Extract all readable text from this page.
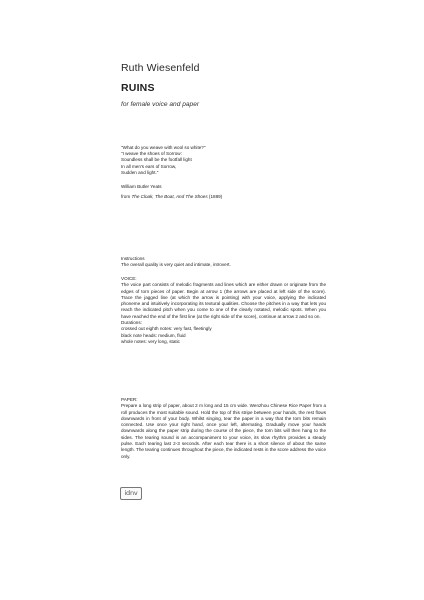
Ruth Wiesenfeld
RUINS
for female voice and paper
"What do you weave with wool so white?"
"I weave the shoes of Sorrow:
Soundless shall be the footfall light
In all men's ears of Sorrow,
Sudden and light."
William Butler Yeats
from The Cloak, The Boat, And The Shoes (1889)
Instructions

The overall quality is very quiet and intimate, introvert.

VOICE:

The voice part consists of melodic fragments and lines which are either drawn or originate from the edges of torn pieces of paper. Begin at arrow 1 (the arrows are placed at left side of the score). Trace the jagged line (at which the arrow is pointing) with your voice, applying the indicated phoneme and intuitively incorporating its textural qualities. Choose the pitches in a way that lets you reach the indicated pitch when you come to one of the clearly notated, melodic spots. When you have reached the end of the first line (at the right side of the score), continue at arrow 2 and so on.

Durations:
crossed out eighth notes: very fast, fleetingly
black note heads: medium, fluid
whole notes: very long, static
PAPER:

Prepare a long strip of paper, about 2 m long and 15 cm wide. Wenzhou Chinese Rice Paper from a roll produces the most suitable sound. Hold the top of this stripe between your hands, the rest flows downwards in front of your body. Whilst singing, tear the paper in a way that the torn bits remain connected. Use once your right hand, once your left, alternating. Gradually move your hands downwards along the paper strip during the course of the piece, the torn bits will then hang to the sides. The tearing sound is an accompaniment to your voice, its slow rhythm provides a steady pulse. Each tearing last 2-3 seconds. After each tear there is a short silence of about the same length. The tearing continues throughout the piece, the indicated rests in the score address the voice only.

idnv
